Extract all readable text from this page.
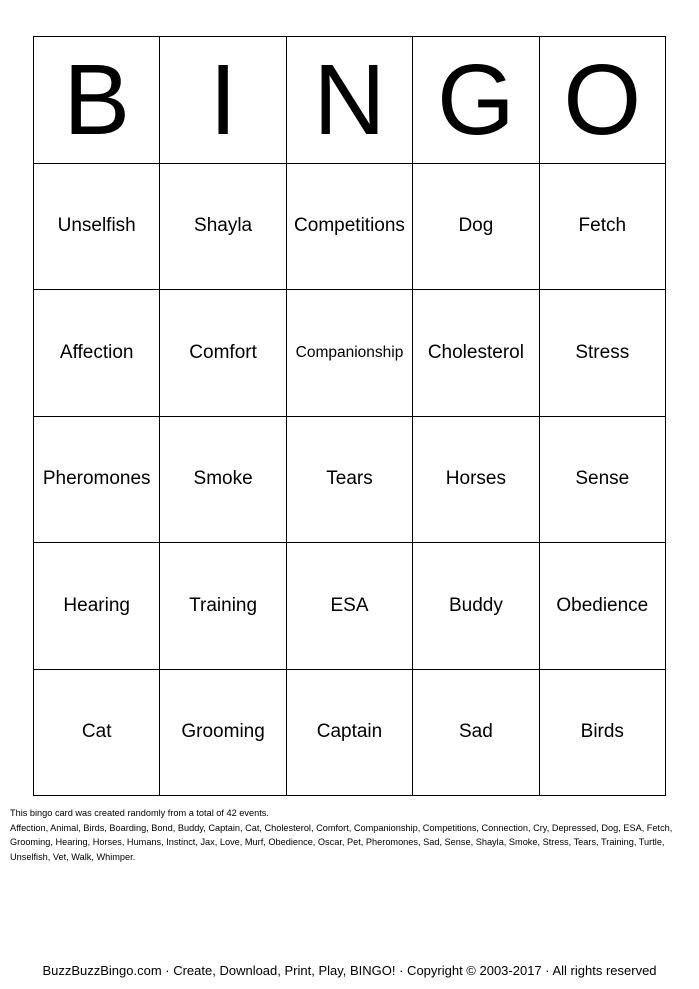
B I N G O
Unselfish	Shayla	Competitions	Dog	Fetch
Affection	Comfort	Companionship	Cholesterol	Stress
Pheromones	Smoke	Tears	Horses	Sense
Hearing	Training	ESA	Buddy	Obedience
Cat	Grooming	Captain	Sad	Birds

This bingo card was created randomly from a total of 42 events.

Affection, Animal, Birds, Boarding, Bond, Buddy, Captain, Cat, Cholesterol, Comfort, Companionship, Competitions, Connection, Cry, Depressed, Dog, ESA, Fetch, Grooming, Hearing, Horses, Humans, Instinct, Jax, Love, Murf, Obedience, Oscar, Pet, Pheromones, Sad, Sense, Shayla, Smoke, Stress, Tears, Training, Turtle, Unselfish, Vet, Walk, Whimper.

BuzzBuzzBingo.com · Create, Download, Print, Play, BINGO! · Copyright © 2003-2017 · All rights reserved
